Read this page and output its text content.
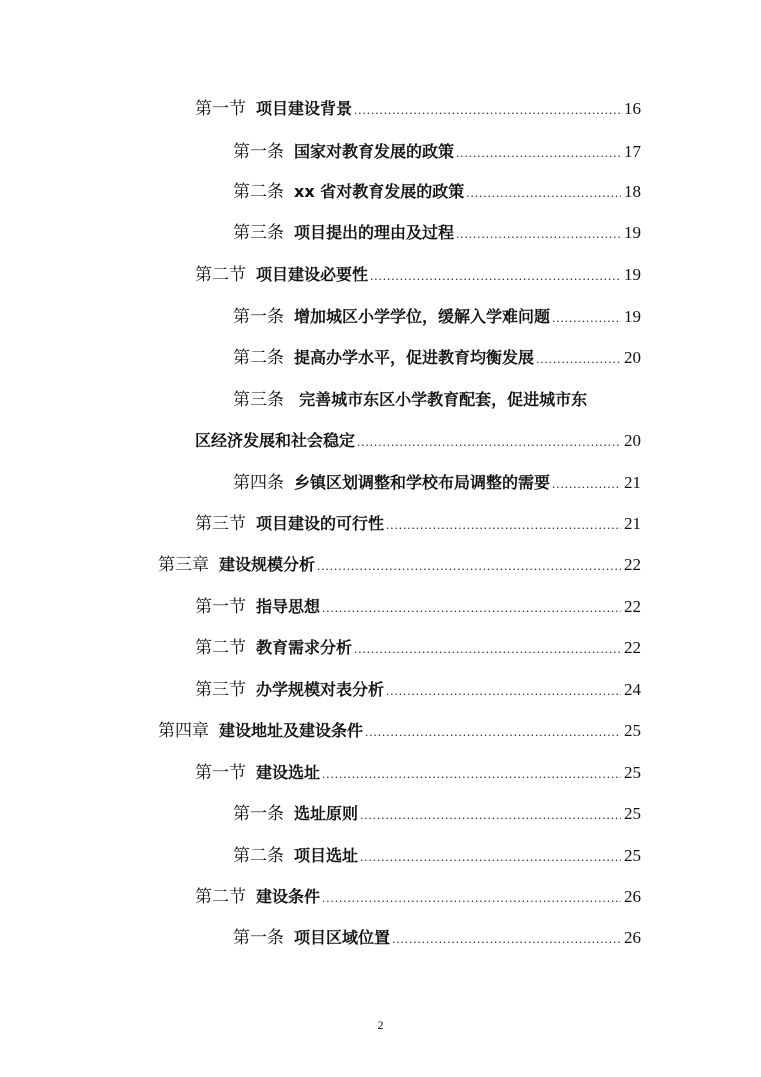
第一节 项目建设背景 .....	16
第一条 国家对教育发展的政策 .....	17
第二条 xx 省对教育发展的政策 .....	18
第三条 项目提出的理由及过程 .....	19
第二节 项目建设必要性 .....	19
第一条 增加城区小学学位，缓解入学难问题 .....	19
第二条 提高办学水平，促进教育均衡发展 .....	20
第三条 完善城市东区小学教育配套，促进城市东
区经济发展和社会稳定 .....	20
第四条 乡镇区划调整和学校布局调整的需要 .....	21
第三节 项目建设的可行性 .....	21
第三章 建设规模分析 .....	22
第一节 指导思想 .....	22
第二节 教育需求分析 .....	22
第三节 办学规模对表分析 .....	24
第四章 建设地址及建设条件 .....	25
第一节 建设选址 .....	25
第一条 选址原则 .....	25
第二条 项目选址 .....	25
第二节 建设条件 .....	26
第一条 项目区域位置 .....	26
2
